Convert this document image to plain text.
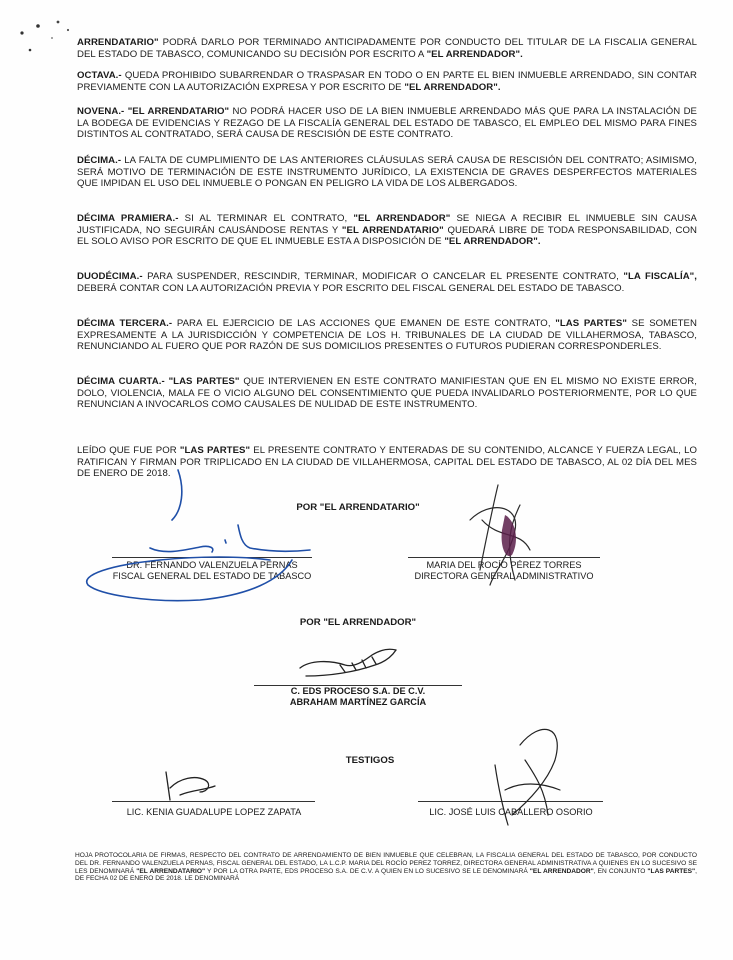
ARRENDATARIO" PODRÁ DARLO POR TERMINADO ANTICIPADAMENTE POR CONDUCTO DEL TITULAR DE LA FISCALIA GENERAL DEL ESTADO DE TABASCO, COMUNICANDO SU DECISIÓN POR ESCRITO A "EL ARRENDADOR".
OCTAVA.- QUEDA PROHIBIDO SUBARRENDAR O TRASPASAR EN TODO O EN PARTE EL BIEN INMUEBLE ARRENDADO, SIN CONTAR PREVIAMENTE CON LA AUTORIZACIÓN EXPRESA Y POR ESCRITO DE "EL ARRENDADOR".
NOVENA.- "EL ARRENDATARIO" NO PODRÁ HACER USO DE LA BIEN INMUEBLE ARRENDADO MÁS QUE PARA LA INSTALACIÓN DE LA BODEGA DE EVIDENCIAS Y REZAGO DE LA FISCALÍA GENERAL DEL ESTADO DE TABASCO, EL EMPLEO DEL MISMO PARA FINES DISTINTOS AL CONTRATADO, SERÁ CAUSA DE RESCISIÓN DE ESTE CONTRATO.
DÉCIMA.- LA FALTA DE CUMPLIMIENTO DE LAS ANTERIORES CLÁUSULAS SERÁ CAUSA DE RESCISIÓN DEL CONTRATO; ASIMISMO, SERÁ MOTIVO DE TERMINACIÓN DE ESTE INSTRUMENTO JURÍDICO, LA EXISTENCIA DE GRAVES DESPERFECTOS MATERIALES QUE IMPIDAN EL USO DEL INMUEBLE O PONGAN EN PELIGRO LA VIDA DE LOS ALBERGADOS.
DÉCIMA PRAMIERA.- SI AL TERMINAR EL CONTRATO, "EL ARRENDADOR" SE NIEGA A RECIBIR EL INMUEBLE SIN CAUSA JUSTIFICADA, NO SEGUIRÁN CAUSÁNDOSE RENTAS Y "EL ARRENDATARIO" QUEDARÁ LIBRE DE TODA RESPONSABILIDAD, CON EL SOLO AVISO POR ESCRITO DE QUE EL INMUEBLE ESTA A DISPOSICIÓN DE "EL ARRENDADOR".
DUODÉCIMA.- PARA SUSPENDER, RESCINDIR, TERMINAR, MODIFICAR O CANCELAR EL PRESENTE CONTRATO, "LA FISCALÍA", DEBERÁ CONTAR CON LA AUTORIZACIÓN PREVIA Y POR ESCRITO DEL FISCAL GENERAL DEL ESTADO DE TABASCO.
DÉCIMA TERCERA.- PARA EL EJERCICIO DE LAS ACCIONES QUE EMANEN DE ESTE CONTRATO, "LAS PARTES" SE SOMETEN EXPRESAMENTE A LA JURISDICCIÓN Y COMPETENCIA DE LOS H. TRIBUNALES DE LA CIUDAD DE VILLAHERMOSA, TABASCO, RENUNCIANDO AL FUERO QUE POR RAZÓN DE SUS DOMICILIOS PRESENTES O FUTUROS PUDIERAN CORRESPONDERLES.
DÉCIMA CUARTA.- "LAS PARTES" QUE INTERVIENEN EN ESTE CONTRATO MANIFIESTAN QUE EN EL MISMO NO EXISTE ERROR, DOLO, VIOLENCIA, MALA FE O VICIO ALGUNO DEL CONSENTIMIENTO QUE PUEDA INVALIDARLO POSTERIORMENTE, POR LO QUE RENUNCIAN A INVOCARLOS COMO CAUSALES DE NULIDAD DE ESTE INSTRUMENTO.
LEÍDO QUE FUE POR "LAS PARTES" EL PRESENTE CONTRATO Y ENTERADAS DE SU CONTENIDO, ALCANCE Y FUERZA LEGAL, LO RATIFICAN Y FIRMAN POR TRIPLICADO EN LA CIUDAD DE VILLAHERMOSA, CAPITAL DEL ESTADO DE TABASCO, AL 02 DÍA DEL MES DE ENERO DE 2018.
POR "EL ARRENDATARIO"
DR. FERNANDO VALENZUELA PERNAS
FISCAL GENERAL DEL ESTADO DE TABASCO
MARIA DEL ROCÍO PÉREZ TORRES
DIRECTORA GENERAL ADMINISTRATIVO
POR "EL ARRENDADOR"
C. EDS PROCESO S.A. DE C.V.
ABRAHAM MARTÍNEZ GARCÍA
TESTIGOS
LIC. KENIA GUADALUPE LOPEZ ZAPATA	LIC. JOSÉ LUIS CABALLERO OSORIO
HOJA PROTOCOLARIA DE FIRMAS, RESPECTO DEL CONTRATO DE ARRENDAMIENTO DE BIEN INMUEBLE QUE CELEBRAN, LA FISCALIA GENERAL DEL ESTADO DE TABASCO, POR CONDUCTO DEL DR. FERNANDO VALENZUELA PERNAS, FISCAL GENERAL DEL ESTADO, LA L.C.P. MARIA DEL ROCÍO PEREZ TORREZ, DIRECTORA GENERAL ADMINISTRATIVA A QUIENES EN LO SUCESIVO SE LES DENOMINARÁ "EL ARRENDATARIO" Y POR LA OTRA PARTE, EDS PROCESO S.A. DE C.V. A QUIEN EN LO SUCESIVO SE LE DENOMINARÁ "EL ARRENDADOR", EN CONJUNTO "LAS PARTES", DE FECHA 02 DE ENERO DE 2018. LE DENOMINARÁ
